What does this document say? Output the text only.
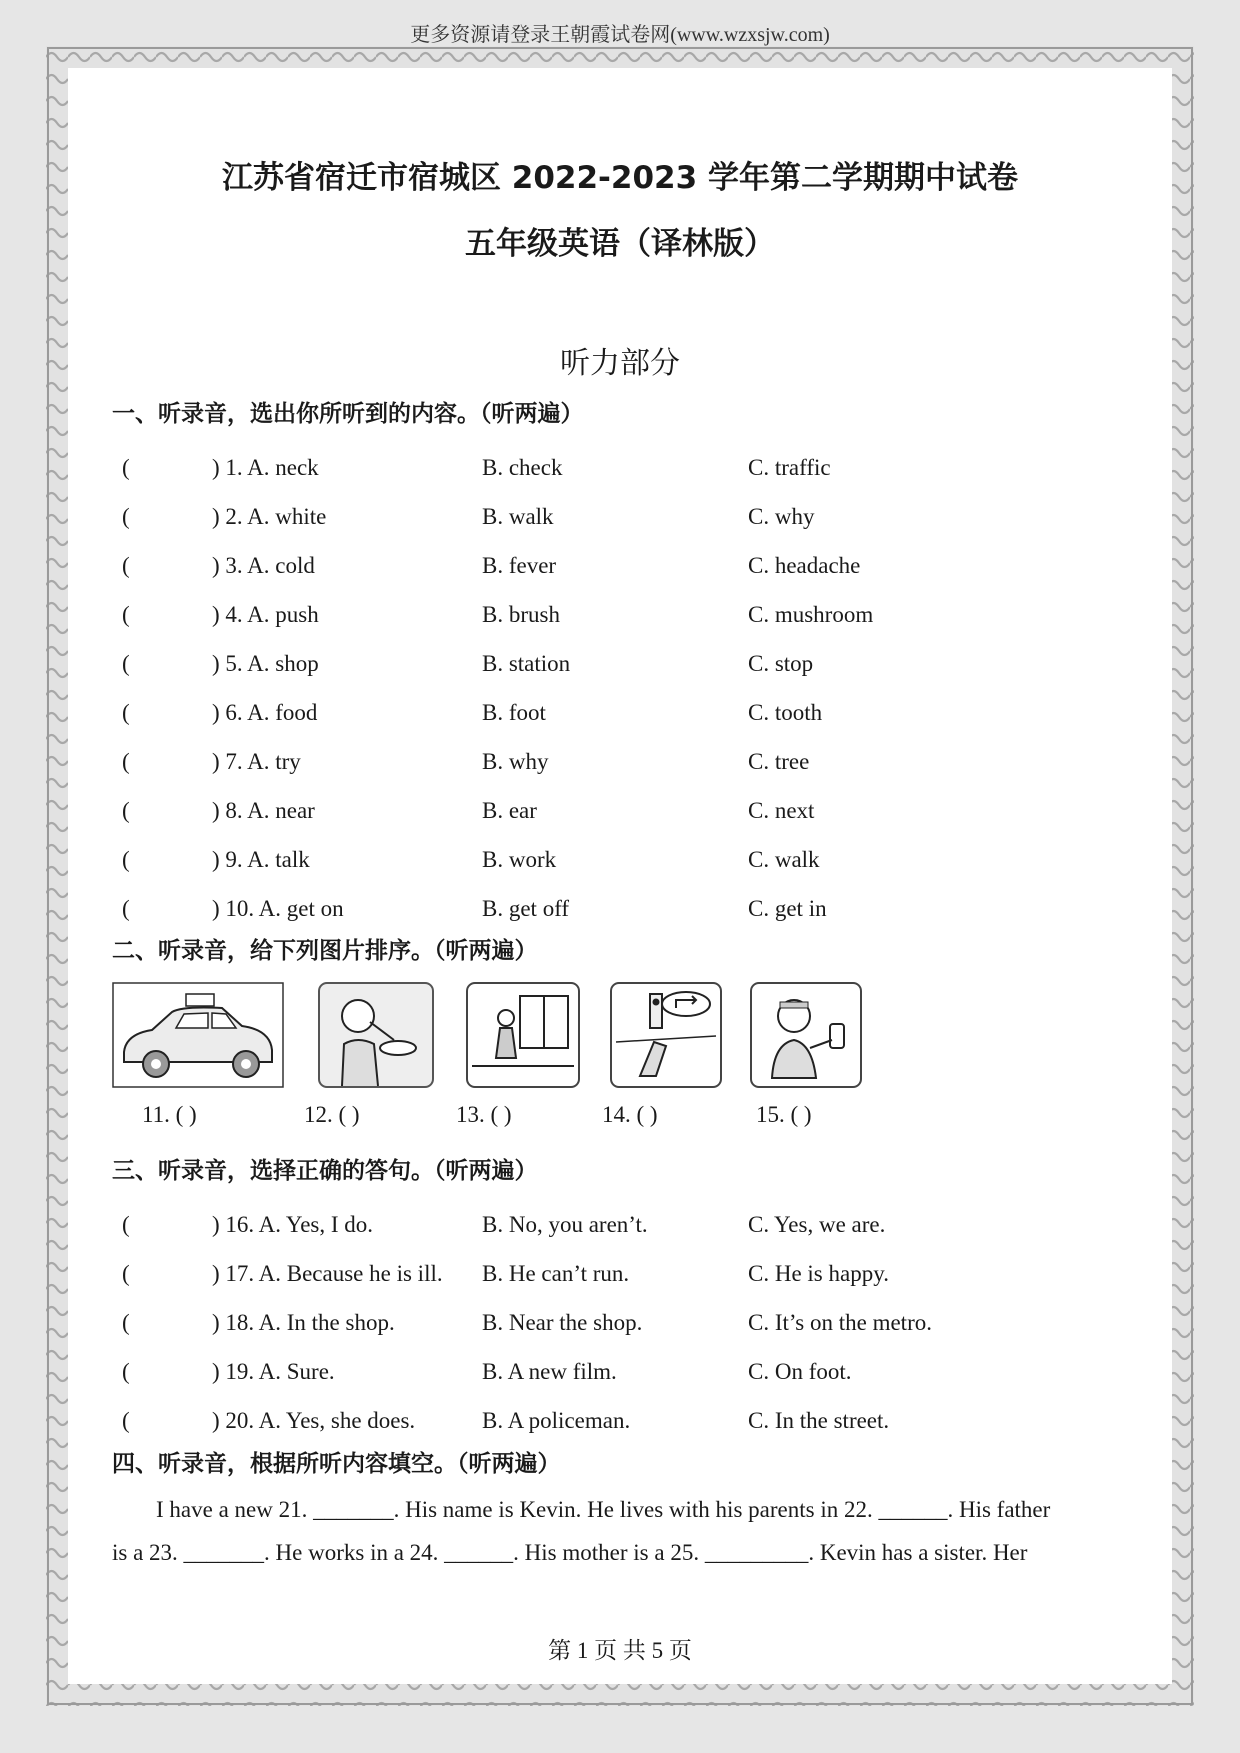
更多资源请登录王朝霞试卷网(www.wzxsjw.com)
江苏省宿迁市宿城区 2022-2023 学年第二学期期中试卷
五年级英语（译林版）
听力部分
一、听录音，选出你所听到的内容。（听两遍）
(	) 1. A. neck	B. check	C. traffic
(	) 2. A. white	B. walk	C. why
(	) 3. A. cold	B. fever	C. headache
(	) 4. A. push	B. brush	C. mushroom
(	) 5. A. shop	B. station	C. stop
(	) 6. A. food	B. foot	C. tooth
(	) 7. A. try	B. why	C. tree
(	) 8. A. near	B. ear	C. next
(	) 9. A. talk	B. work	C. walk
(	) 10. A. get on	B. get off	C. get in
二、听录音，给下列图片排序。（听两遍）
11. ( )	12. ( )	13. ( )	14. ( )	15. ( )
三、听录音，选择正确的答句。（听两遍）
(	) 16. A. Yes, I do.	B. No, you aren’t.	C. Yes, we are.
(	) 17. A. Because he is ill. B. He can’t run.	C. He is happy.
(	) 18. A. In the shop.	B. Near the shop.	C. It’s on the metro.
(	) 19. A. Sure.	B. A new film.	C. On foot.
(	) 20. A. Yes, she does.	B. A policeman.	C. In the street.
四、听录音，根据所听内容填空。（听两遍）
I have a new 21. _______. His name is Kevin. He lives with his parents in 22. ______. His father
is a 23. _______. He works in a 24. ______. His mother is a 25. _________. Kevin has a sister. Her
第 1 页 共 5 页
